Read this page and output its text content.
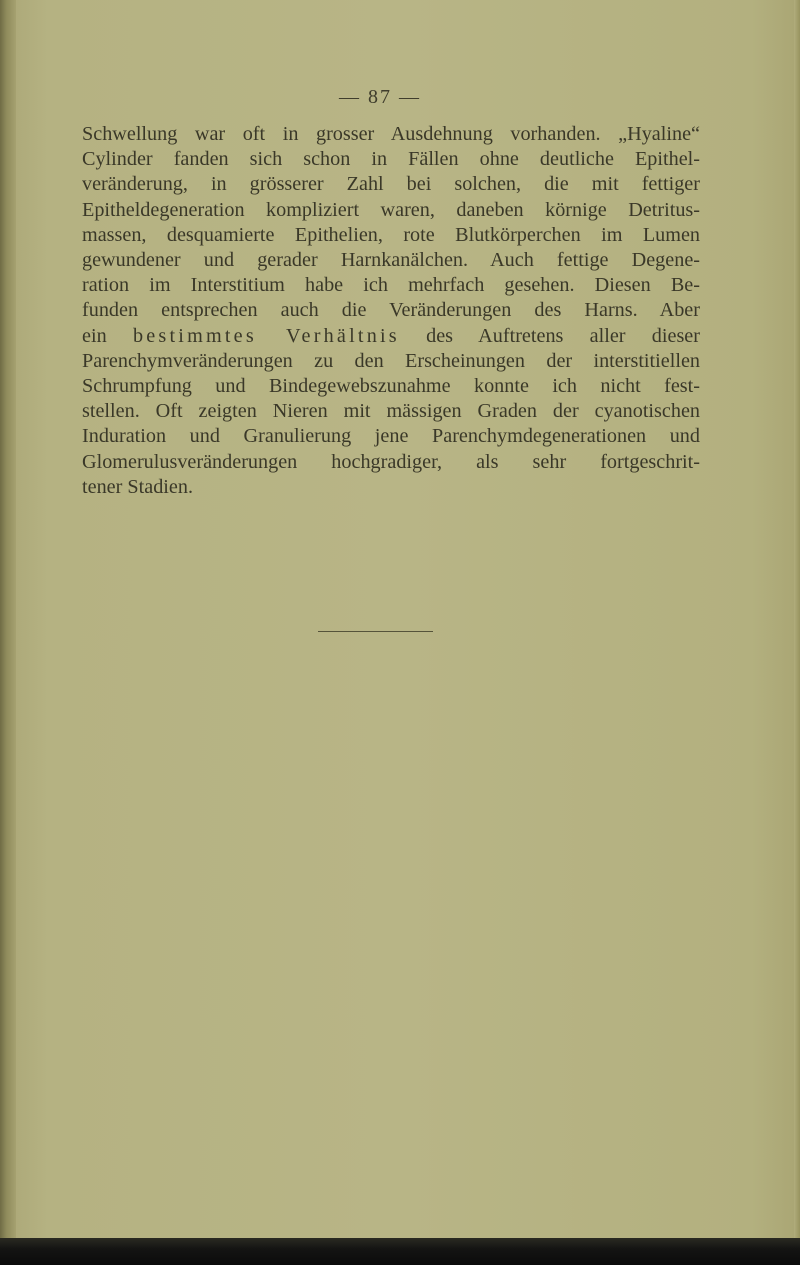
— 87 —
Schwellung war oft in grosser Ausdehnung vorhanden. „Hyaline“
Cylinder fanden sich schon in Fällen ohne deutliche Epithel-
veränderung, in grösserer Zahl bei solchen, die mit fettiger
Epitheldegeneration kompliziert waren, daneben körnige Detritus-
massen, desquamierte Epithelien, rote Blutkörperchen im Lumen
gewundener und gerader Harnkanälchen. Auch fettige Degene-
ration im Interstitium habe ich mehrfach gesehen. Diesen Be-
funden entsprechen auch die Veränderungen des Harns. Aber
ein bestimmtes Verhältnis des Auftretens aller dieser
Parenchymveränderungen zu den Erscheinungen der interstitiellen
Schrumpfung und Bindegewebszunahme konnte ich nicht fest-
stellen. Oft zeigten Nieren mit mässigen Graden der cyanotischen
Induration und Granulierung jene Parenchymdegenerationen und
Glomerulusveränderungen hochgradiger, als sehr fortgeschrit-
tener Stadien.
